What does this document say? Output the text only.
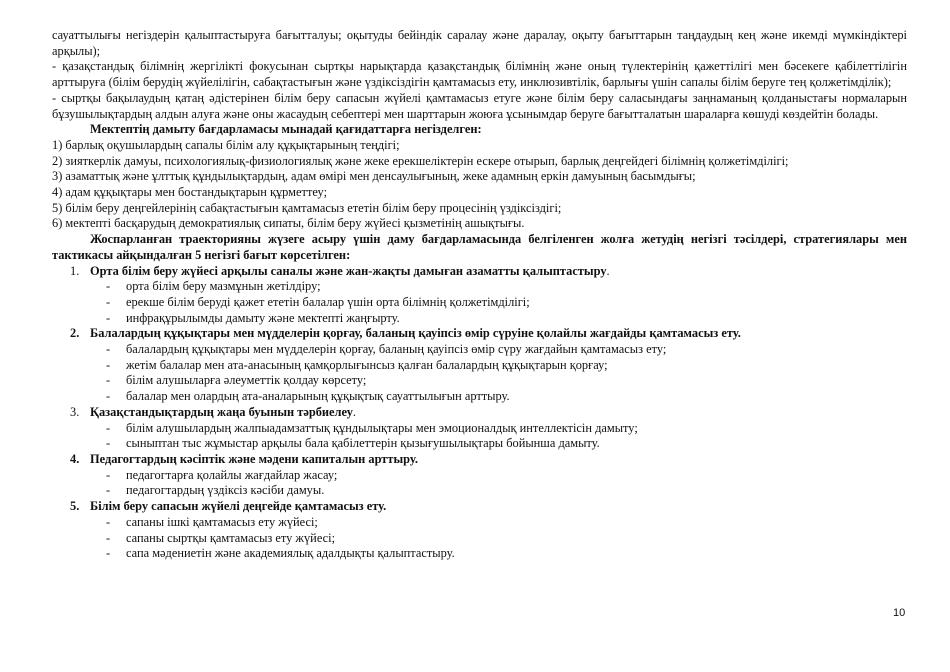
сауаттылығы негіздерін қалыптастыруға бағытталуы; оқытуды бейіндік саралау және даралау, оқыту бағыттарын таңдаудың кең және икемді мүмкіндіктері арқылы);

- қазақстандық білімнің жергілікті фокусынан сыртқы нарықтарда қазақстандық білімнің және оның түлектерінің қажеттілігі мен бәсекеге қабілеттілігін арттыруға (білім берудің жүйелілігін, сабақтастығын және үздіксіздігін қамтамасыз ету, инклюзивтілік, барлығы үшін сапалы білім беруге тең қолжетімділік);

- сыртқы бақылаудың қатаң әдістерінен білім беру сапасын жүйелі қамтамасыз етуге және білім беру саласындағы заңнаманың қолданыстағы нормаларын бұзушылықтардың алдын алуға және оны жасаудың себептері мен шарттарын жоюға ұсынымдар беруге бағытталатын шараларға көшуді көздейтін болады.

Мектептің дамыту бағдарламасы мынадай қағидаттарға негізделген:

1) барлық оқушылардың сапалы білім алу құқықтарының теңдігі;

2) зияткерлік дамуы, психологиялық-физиологиялық және жеке ерекшеліктерін ескере отырып, барлық деңгейдегі білімнің қолжетімділігі;

3) азаматтық және ұлттық құндылықтардың, адам өмірі мен денсаулығының, жеке адамның еркін дамуының басымдығы;

4) адам құқықтары мен бостандықтарын құрметтеу;

5) білім беру деңгейлерінің сабақтастығын қамтамасыз ететін білім беру процесінің үздіксіздігі;

6) мектепті басқарудың демократиялық сипаты, білім беру жүйесі қызметінің ашықтығы.

Жоспарланған траекторияны жүзеге асыру үшін даму бағдарламасында белгіленген жолға жетудің негізгі тәсілдері, стратегиялары мен тактикасы айқындалған 5 негізгі бағыт көрсетілген:

1. Орта білім беру жүйесі арқылы саналы және жан-жақты дамыған азаматты қалыптастыру.
- орта білім беру мазмұнын жетілдіру;
- ерекше білім беруді қажет ететін балалар үшін орта білімнің қолжетімділігі;
- инфрақұрылымды дамыту және мектепті жаңғырту.
2. Балалардың құқықтары мен мүдделерін қорғау, баланың қауіпсіз өмір сүруіне қолайлы жағдайды қамтамасыз ету.
- балалардың құқықтары мен мүдделерін қорғау, баланың қауіпсіз өмір сүру жағдайын қамтамасыз ету;
- жетім балалар мен ата-анасының қамқорлығынсыз қалған балалардың құқықтарын қорғау;
- білім алушыларға әлеуметтік қолдау көрсету;
- балалар мен олардың ата-аналарының құқықтық сауаттылығын арттыру.
3. Қазақстандықтардың жаңа буынын тәрбиелеу.
- білім алушылардың жалпыадамзаттық құндылықтары мен эмоционалдық интеллектісін дамыту;
- сыныптан тыс жұмыстар арқылы бала қабілеттерін қызығушылықтары бойынша дамыту.
4. Педагогтардың кәсіптік және мәдени капиталын арттыру.
- педагогтарға қолайлы жағдайлар жасау;
- педагогтардың үздіксіз кәсіби дамуы.
5. Білім беру сапасын жүйелі деңгейде қамтамасыз ету.
- сапаны ішкі қамтамасыз ету жүйесі;
- сапаны сыртқы қамтамасыз ету жүйесі;
- сапа мәдениетін және академиялық адалдықты қалыптастыру.
10
